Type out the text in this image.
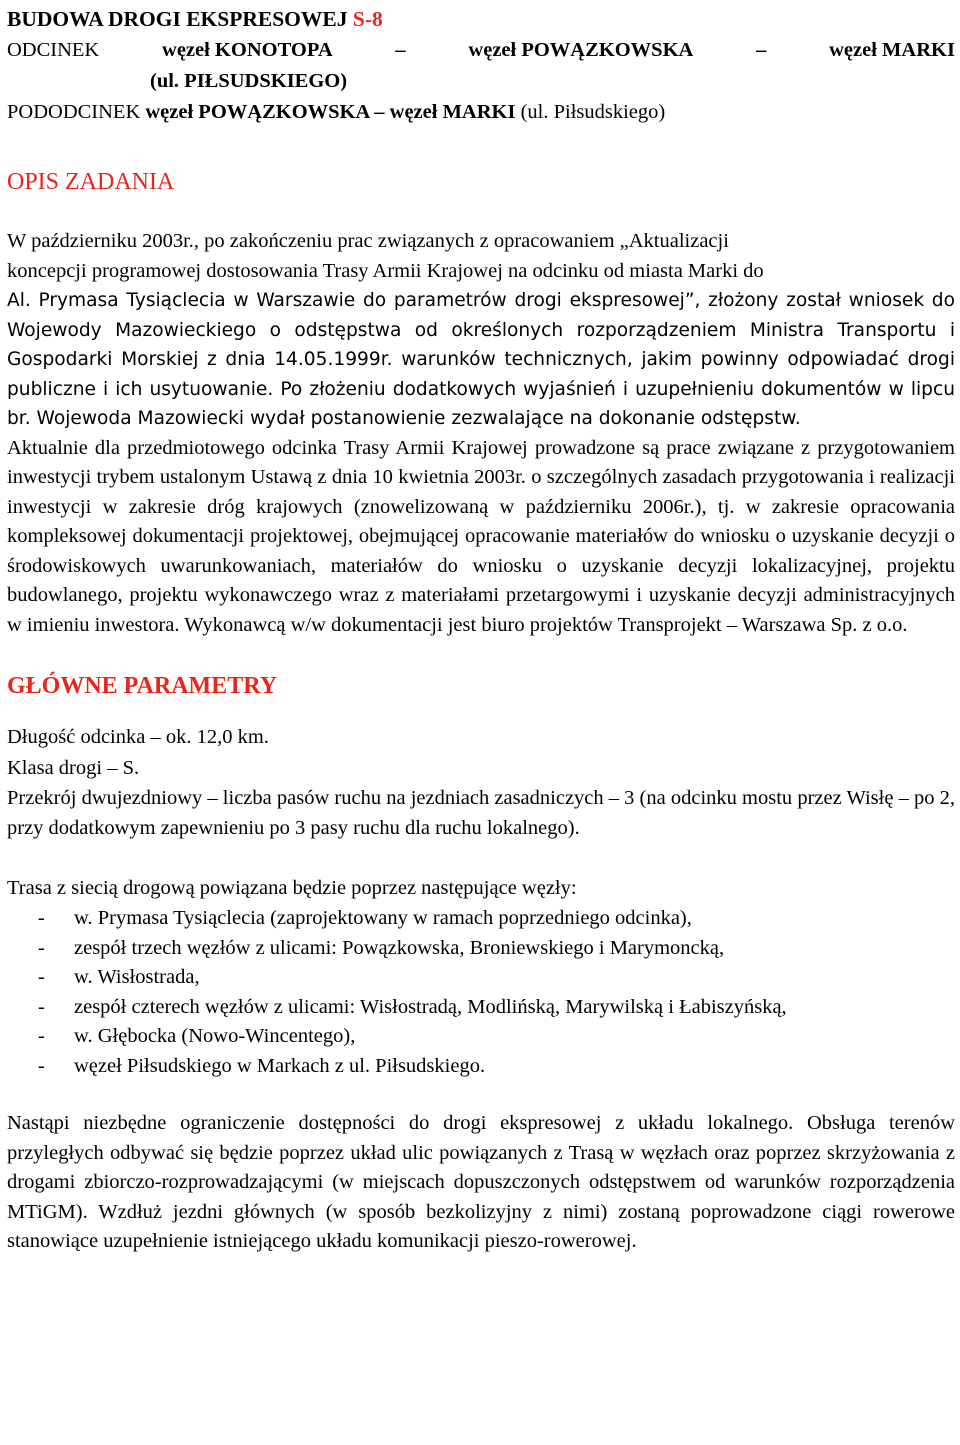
BUDOWA DROGI EKSPRESOWEJ S-8
ODCINEK	węzeł KONOTOPA	–	węzeł POWĄZKOWSKA	–	węzeł MARKI
(ul. PIŁSUDSKIEGO)
PODODCINEK węzeł POWĄZKOWSKA – węzeł MARKI (ul. Piłsudskiego)
OPIS ZADANIA
W październiku 2003r., po zakończeniu prac związanych z opracowaniem „Aktualizacji
koncepcji programowej dostosowania Trasy Armii Krajowej na odcinku od miasta Marki do
Al. Prymasa Tysiąclecia w Warszawie do parametrów drogi ekspresowej”, złożony został wniosek do Wojewody Mazowieckiego o odstępstwa od określonych rozporządzeniem Ministra Transportu i Gospodarki Morskiej z dnia 14.05.1999r. warunków technicznych, jakim powinny odpowiadać drogi publiczne i ich usytuowanie. Po złożeniu dodatkowych wyjaśnień i uzupełnieniu dokumentów w lipcu br. Wojewoda Mazowiecki wydał postanowienie zezwalające na dokonanie odstępstw.
Aktualnie dla przedmiotowego odcinka Trasy Armii Krajowej prowadzone są prace związane z przygotowaniem inwestycji trybem ustalonym Ustawą z dnia 10 kwietnia 2003r. o szczególnych zasadach przygotowania i realizacji inwestycji w zakresie dróg krajowych (znowelizowaną w październiku 2006r.), tj. w zakresie opracowania kompleksowej dokumentacji projektowej, obejmującej opracowanie materiałów do wniosku o uzyskanie decyzji o środowiskowych uwarunkowaniach, materiałów do wniosku o uzyskanie decyzji lokalizacyjnej, projektu budowlanego, projektu wykonawczego wraz z materiałami przetargowymi i uzyskanie decyzji administracyjnych w imieniu inwestora. Wykonawcą w/w dokumentacji jest biuro projektów Transprojekt – Warszawa Sp. z o.o.
GŁÓWNE PARAMETRY
Długość odcinka – ok. 12,0 km.
Klasa drogi – S.
Przekrój dwujezdniowy – liczba pasów ruchu na jezdniach zasadniczych – 3 (na odcinku mostu przez Wisłę – po 2, przy dodatkowym zapewnieniu po 3 pasy ruchu dla ruchu lokalnego).
Trasa z siecią drogową powiązana będzie poprzez następujące węzły:
- w. Prymasa Tysiąclecia (zaprojektowany w ramach poprzedniego odcinka),
- zespół trzech węzłów z ulicami: Powązkowska, Broniewskiego i Marymoncką,
- w. Wisłostrada,
- zespół czterech węzłów z ulicami: Wisłostradą, Modlińską, Marywilską i Łabiszyńską,
- w. Głębocka (Nowo-Wincentego),
- węzeł Piłsudskiego w Markach z ul. Piłsudskiego.
Nastąpi niezbędne ograniczenie dostępności do drogi ekspresowej z układu lokalnego. Obsługa terenów przyległych odbywać się będzie poprzez układ ulic powiązanych z Trasą w węzłach oraz poprzez skrzyżowania z drogami zbiorczo-rozprowadzającymi (w miejscach dopuszczonych odstępstwem od warunków rozporządzenia MTiGM). Wzdłuż jezdni głównych (w sposób bezkolizyjny z nimi) zostaną poprowadzone ciągi rowerowe stanowiące uzupełnienie istniejącego układu komunikacji pieszo-rowerowej.
